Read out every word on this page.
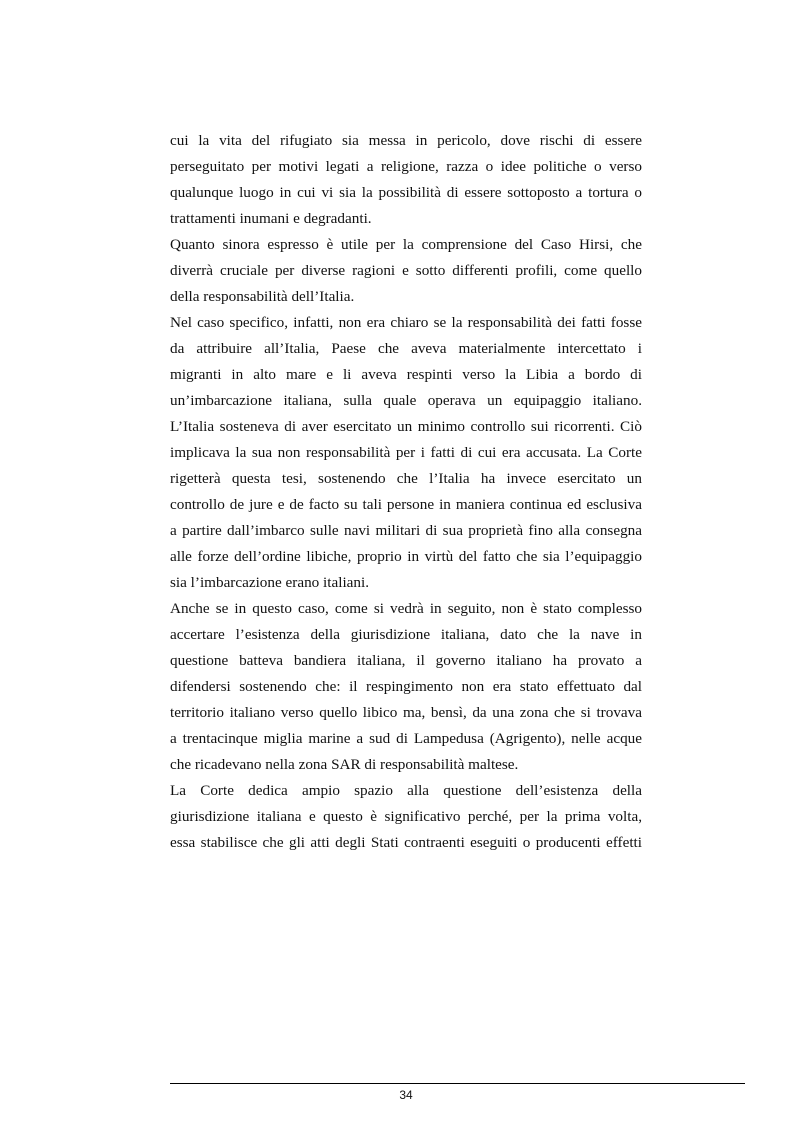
cui la vita del rifugiato sia messa in pericolo, dove rischi di essere
perseguitato per motivi legati a religione, razza o idee politiche o verso
qualunque luogo in cui vi sia la possibilità di essere sottoposto a tortura o
trattamenti inumani e degradanti.
Quanto sinora espresso è utile per la comprensione del Caso Hirsi, che
diverrà cruciale per diverse ragioni e sotto differenti profili, come quello
della responsabilità dell’Italia.
Nel caso specifico, infatti, non era chiaro se la responsabilità dei fatti fosse
da attribuire all’Italia, Paese che aveva materialmente intercettato i
migranti in alto mare e li aveva respinti verso la Libia a bordo di
un’imbarcazione italiana, sulla quale operava un equipaggio italiano.
L’Italia sosteneva di aver esercitato un minimo controllo sui ricorrenti. Ciò
implicava la sua non responsabilità per i fatti di cui era accusata. La Corte
rigetterà questa tesi, sostenendo che l’Italia ha invece esercitato un
controllo de jure e de facto su tali persone in maniera continua ed esclusiva
a partire dall’imbarco sulle navi militari di sua proprietà fino alla consegna
alle forze dell’ordine libiche, proprio in virtù del fatto che sia l’equipaggio
sia l’imbarcazione erano italiani.
Anche se in questo caso, come si vedrà in seguito, non è stato complesso
accertare l’esistenza della giurisdizione italiana, dato che la nave in
questione batteva bandiera italiana, il governo italiano ha provato a
difendersi sostenendo che: il respingimento non era stato effettuato dal
territorio italiano verso quello libico ma, bensì, da una zona che si trovava
a trentacinque miglia marine a sud di Lampedusa (Agrigento), nelle acque
che ricadevano nella zona SAR di responsabilità maltese.
La Corte dedica ampio spazio alla questione dell’esistenza della
giurisdizione italiana e questo è significativo perché, per la prima volta,
essa stabilisce che gli atti degli Stati contraenti eseguiti o producenti effetti
34
